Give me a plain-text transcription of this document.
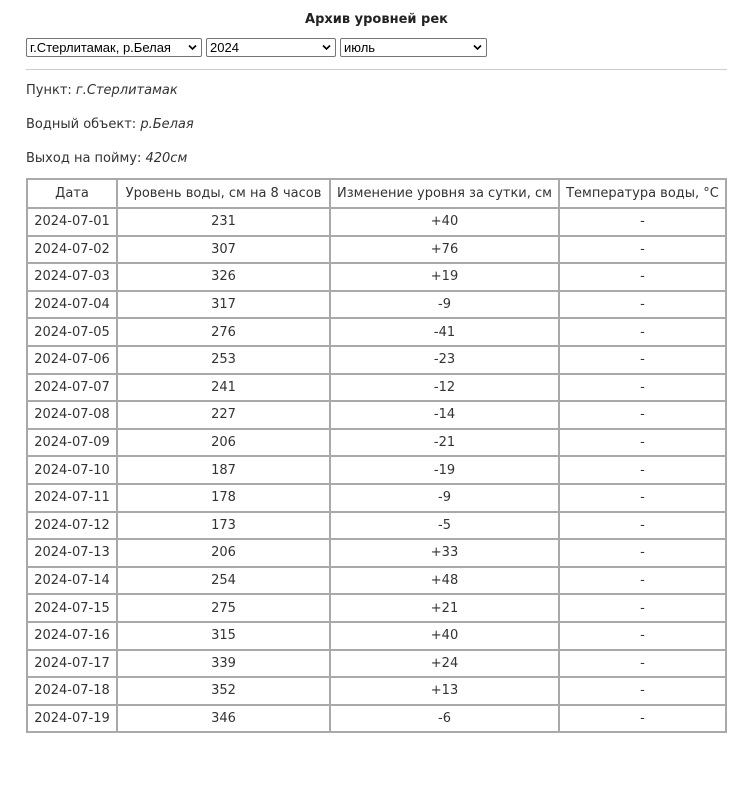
Архив уровней рек
г.Стерлитамак, р.Белая	2024	июль
Пункт: г.Стерлитамак
Водный объект: р.Белая
Выход на пойму: 420см
Дата	Уровень воды, см на 8 часов	Изменение уровня за сутки, см	Температура воды, °С
2024-07-01	231	+40	-
2024-07-02	307	+76	-
2024-07-03	326	+19	-
2024-07-04	317	-9	-
2024-07-05	276	-41	-
2024-07-06	253	-23	-
2024-07-07	241	-12	-
2024-07-08	227	-14	-
2024-07-09	206	-21	-
2024-07-10	187	-19	-
2024-07-11	178	-9	-
2024-07-12	173	-5	-
2024-07-13	206	+33	-
2024-07-14	254	+48	-
2024-07-15	275	+21	-
2024-07-16	315	+40	-
2024-07-17	339	+24	-
2024-07-18	352	+13	-
2024-07-19	346	-6	-
